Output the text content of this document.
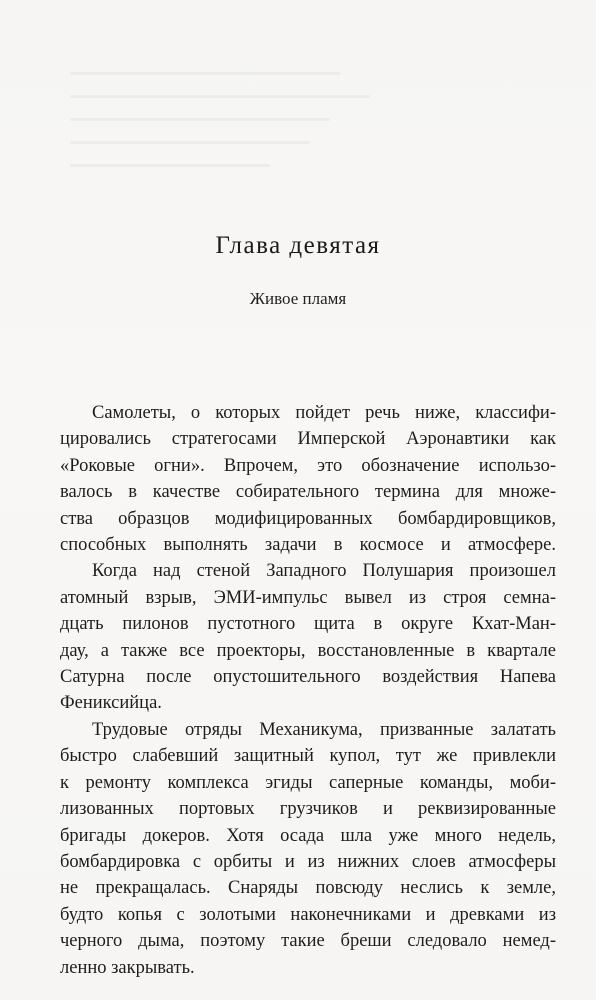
Глава девятая
Живое пламя
Самолеты, о которых пойдет речь ниже, классифи-
цировались стратегосами Имперской Аэронавтики как
«Роковые огни». Впрочем, это обозначение использо-
валось в качестве собирательного термина для множе-
ства образцов модифицированных бомбардировщиков,
способных выполнять задачи в космосе и атмосфере.
Когда над стеной Западного Полушария произошел
атомный взрыв, ЭМИ-импульс вывел из строя семна-
дцать пилонов пустотного щита в округе Кхат-Ман-
дау, а также все проекторы, восстановленные в квартале
Сатурна после опустошительного воздействия Напева
Фениксийца.
Трудовые отряды Механикума, призванные залатать
быстро слабевший защитный купол, тут же привлекли
к ремонту комплекса эгиды саперные команды, моби-
лизованных портовых грузчиков и реквизированные
бригады докеров. Хотя осада шла уже много недель,
бомбардировка с орбиты и из нижних слоев атмосферы
не прекращалась. Снаряды повсюду неслись к земле,
будто копья с золотыми наконечниками и древками из
черного дыма, поэтому такие бреши следовало немед-
ленно закрывать.
